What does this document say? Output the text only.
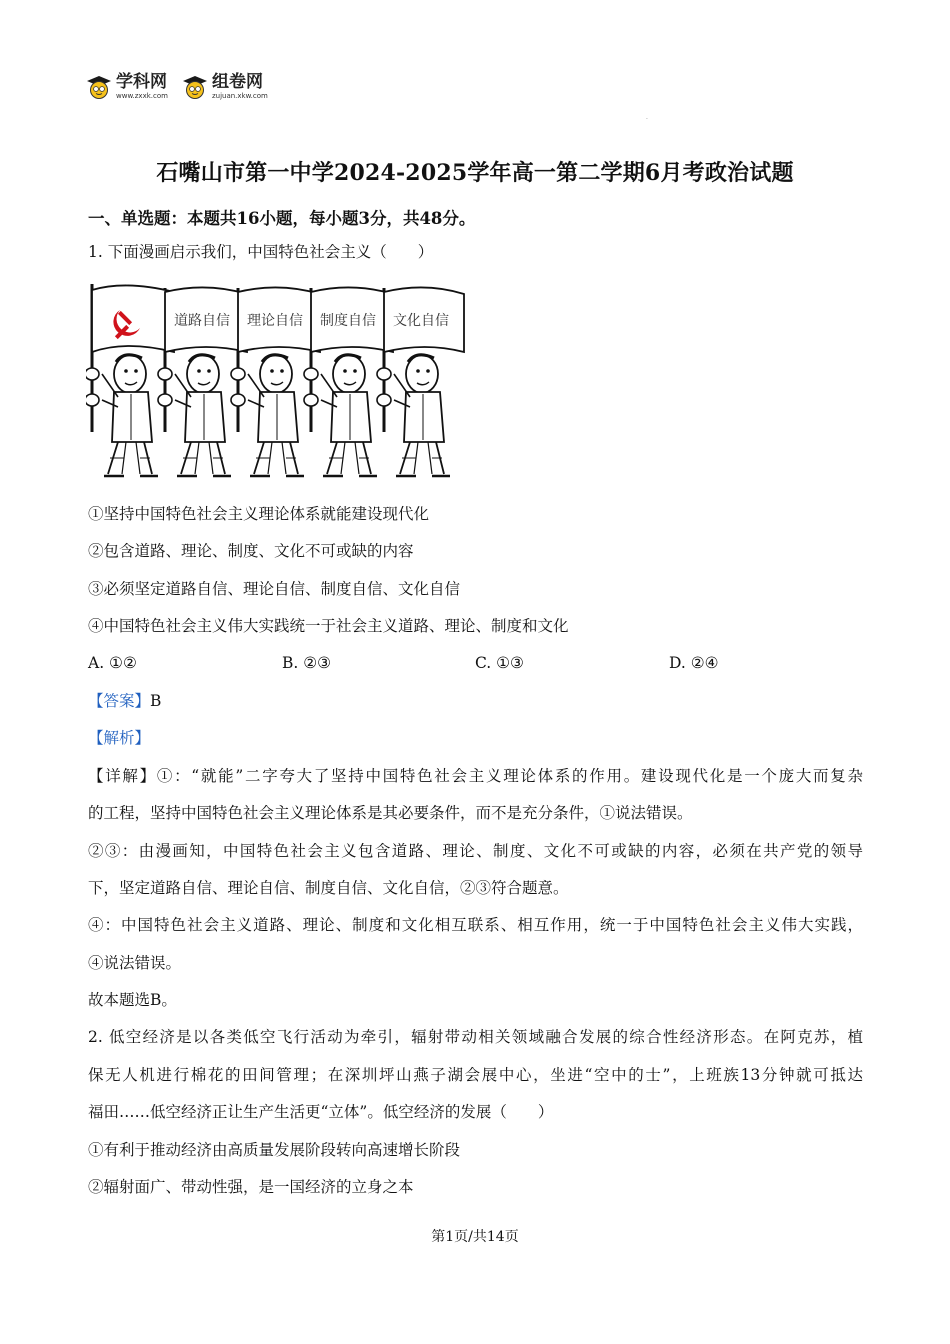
学科网
www.zxxk.com
组卷网
zujuan.xkw.com
·
石嘴山市第一中学2024-2025学年高一第二学期6月考政治试题
一、单选题：本题共16小题，每小题3分，共48分。
1. 下面漫画启示我们，中国特色社会主义（　　）
道路自信 理论自信 制度自信 文化自信
①坚持中国特色社会主义理论体系就能建设现代化
②包含道路、理论、制度、文化不可或缺的内容
③必须坚定道路自信、理论自信、制度自信、文化自信
④中国特色社会主义伟大实践统一于社会主义道路、理论、制度和文化
A. ①②	B. ②③	C. ①③	D. ②④
【答案】B
【解析】
【详解】①：“就能”二字夸大了坚持中国特色社会主义理论体系的作用。建设现代化是一个庞大而复杂
的工程，坚持中国特色社会主义理论体系是其必要条件，而不是充分条件，①说法错误。
②③：由漫画知，中国特色社会主义包含道路、理论、制度、文化不可或缺的内容，必须在共产党的领导
下，坚定道路自信、理论自信、制度自信、文化自信，②③符合题意。
④：中国特色社会主义道路、理论、制度和文化相互联系、相互作用，统一于中国特色社会主义伟大实践，
④说法错误。
故本题选B。
2. 低空经济是以各类低空飞行活动为牵引，辐射带动相关领域融合发展的综合性经济形态。在阿克苏，植
保无人机进行棉花的田间管理；在深圳坪山燕子湖会展中心，坐进“空中的士”，上班族13分钟就可抵达
福田……低空经济正让生产生活更“立体”。低空经济的发展（　　）
①有利于推动经济由高质量发展阶段转向高速增长阶段
②辐射面广、带动性强，是一国经济的立身之本
第1页/共14页
